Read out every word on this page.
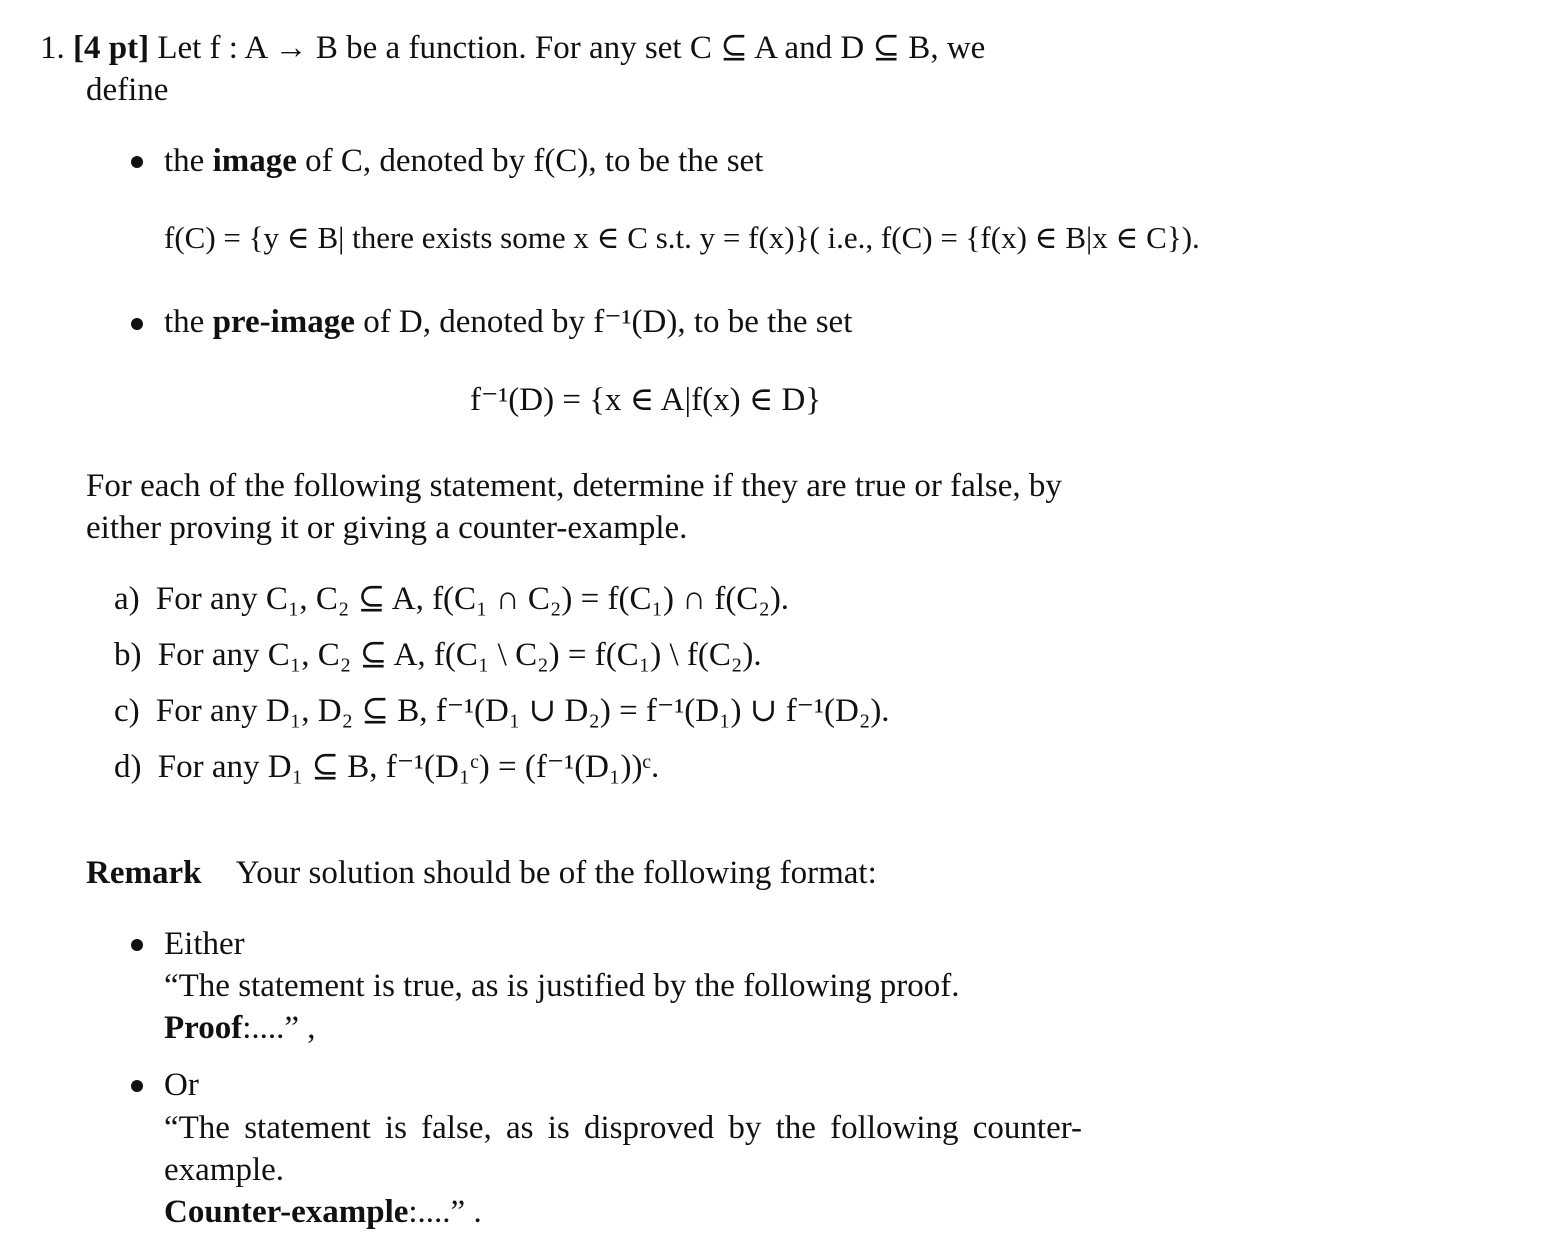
1. [4 pt] Let f : A → B be a function. For any set C ⊆ A and D ⊆ B, we
define
the image of C, denoted by f(C), to be the set
f(C) = {y ∈ B| there exists some x ∈ C s.t. y = f(x)}( i.e., f(C) = {f(x) ∈ B|x ∈ C}).
the pre-image of D, denoted by f⁻¹(D), to be the set
f⁻¹(D) = {x ∈ A|f(x) ∈ D}
For each of the following statement, determine if they are true or false, by
either proving it or giving a counter-example.
a) For any C₁, C₂ ⊆ A, f(C₁ ∩ C₂) = f(C₁) ∩ f(C₂).
b) For any C₁, C₂ ⊆ A, f(C₁ \ C₂) = f(C₁) \ f(C₂).
c) For any D₁, D₂ ⊆ B, f⁻¹(D₁ ∪ D₂) = f⁻¹(D₁) ∪ f⁻¹(D₂).
d) For any D₁ ⊆ B, f⁻¹(D₁ᶜ) = (f⁻¹(D₁))ᶜ.
Remark Your solution should be of the following format:
Either
“The statement is true, as is justified by the following proof.
Proof:....” ,
Or
“The statement is false, as is disproved by the following counter-
example.
Counter-example:....” .
